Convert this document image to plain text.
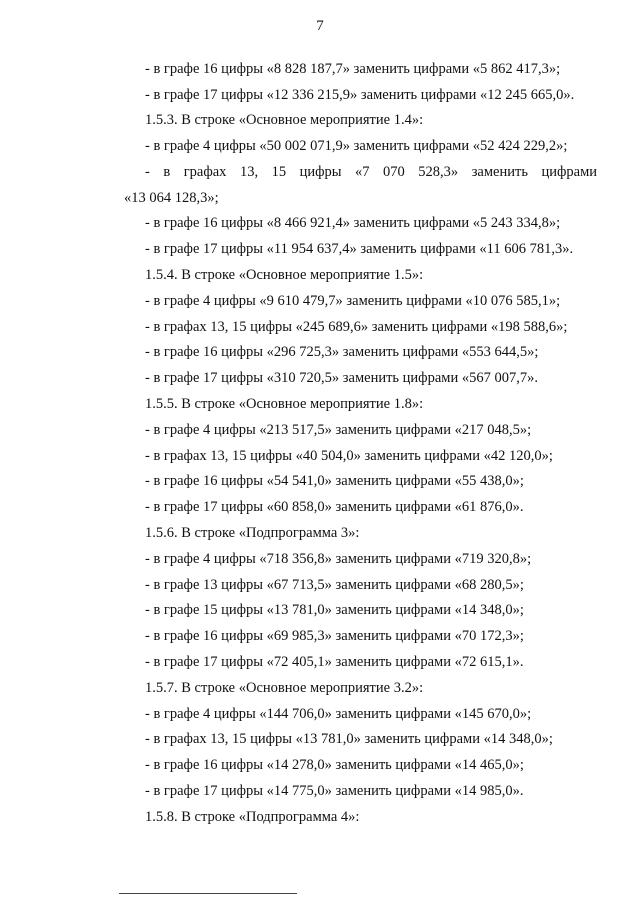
7
- в графе 16 цифры «8 828 187,7» заменить цифрами «5 862 417,3»;
- в графе 17 цифры «12 336 215,9» заменить цифрами «12 245 665,0».
1.5.3. В строке «Основное мероприятие 1.4»:
- в графе 4 цифры «50 002 071,9» заменить цифрами «52 424 229,2»;
- в графах 13, 15 цифры «7 070 528,3» заменить цифрами
«13 064 128,3»;
- в графе 16 цифры «8 466 921,4» заменить цифрами «5 243 334,8»;
- в графе 17 цифры «11 954 637,4» заменить цифрами «11 606 781,3».
1.5.4. В строке «Основное мероприятие 1.5»:
- в графе 4 цифры «9 610 479,7» заменить цифрами «10 076 585,1»;
- в графах 13, 15 цифры «245 689,6» заменить цифрами «198 588,6»;
- в графе 16 цифры «296 725,3» заменить цифрами «553 644,5»;
- в графе 17 цифры «310 720,5» заменить цифрами «567 007,7».
1.5.5. В строке «Основное мероприятие 1.8»:
- в графе 4 цифры «213 517,5» заменить цифрами «217 048,5»;
- в графах 13, 15 цифры «40 504,0» заменить цифрами «42 120,0»;
- в графе 16 цифры «54 541,0» заменить цифрами «55 438,0»;
- в графе 17 цифры «60 858,0» заменить цифрами «61 876,0».
1.5.6. В строке «Подпрограмма 3»:
- в графе 4 цифры «718 356,8» заменить цифрами «719 320,8»;
- в графе 13 цифры «67 713,5» заменить цифрами «68 280,5»;
- в графе 15 цифры «13 781,0» заменить цифрами «14 348,0»;
- в графе 16 цифры «69 985,3» заменить цифрами «70 172,3»;
- в графе 17 цифры «72 405,1» заменить цифрами «72 615,1».
1.5.7. В строке «Основное мероприятие 3.2»:
- в графе 4 цифры «144 706,0» заменить цифрами «145 670,0»;
- в графах 13, 15 цифры «13 781,0» заменить цифрами «14 348,0»;
- в графе 16 цифры «14 278,0» заменить цифрами «14 465,0»;
- в графе 17 цифры «14 775,0» заменить цифрами «14 985,0».
1.5.8. В строке «Подпрограмма 4»:
